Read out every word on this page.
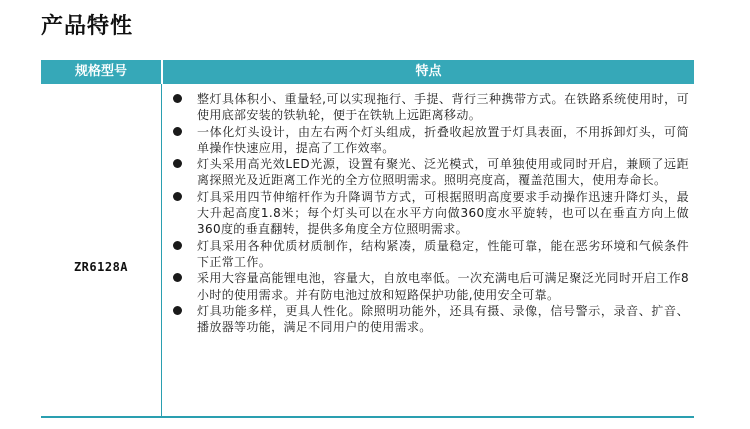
产品特性
规格型号	特点
ZR6128A
整灯具体积小、重量轻,可以实现拖行、手提、背行三种携带方式。在铁路系统使用时，可使用底部安装的铁轨轮，便于在铁轨上远距离移动。
一体化灯头设计，由左右两个灯头组成，折叠收起放置于灯具表面，不用拆卸灯头，可简单操作快速应用，提高了工作效率。
灯头采用高光效LED光源，设置有聚光、泛光模式，可单独使用或同时开启，兼顾了远距离探照光及近距离工作光的全方位照明需求。照明亮度高，覆盖范围大，使用寿命长。
灯具采用四节伸缩杆作为升降调节方式，可根据照明高度要求手动操作迅速升降灯头，最大升起高度1.8米；每个灯头可以在水平方向做360度水平旋转，也可以在垂直方向上做360度的垂直翻转，提供多角度全方位照明需求。
灯具采用各种优质材质制作，结构紧凑，质量稳定，性能可靠，能在恶劣环境和气候条件下正常工作。
采用大容量高能锂电池，容量大，自放电率低。一次充满电后可满足聚泛光同时开启工作8小时的使用需求。并有防电池过放和短路保护功能,使用安全可靠。
灯具功能多样，更具人性化。除照明功能外，还具有摄、录像，信号警示，录音、扩音、播放器等功能，满足不同用户的使用需求。
